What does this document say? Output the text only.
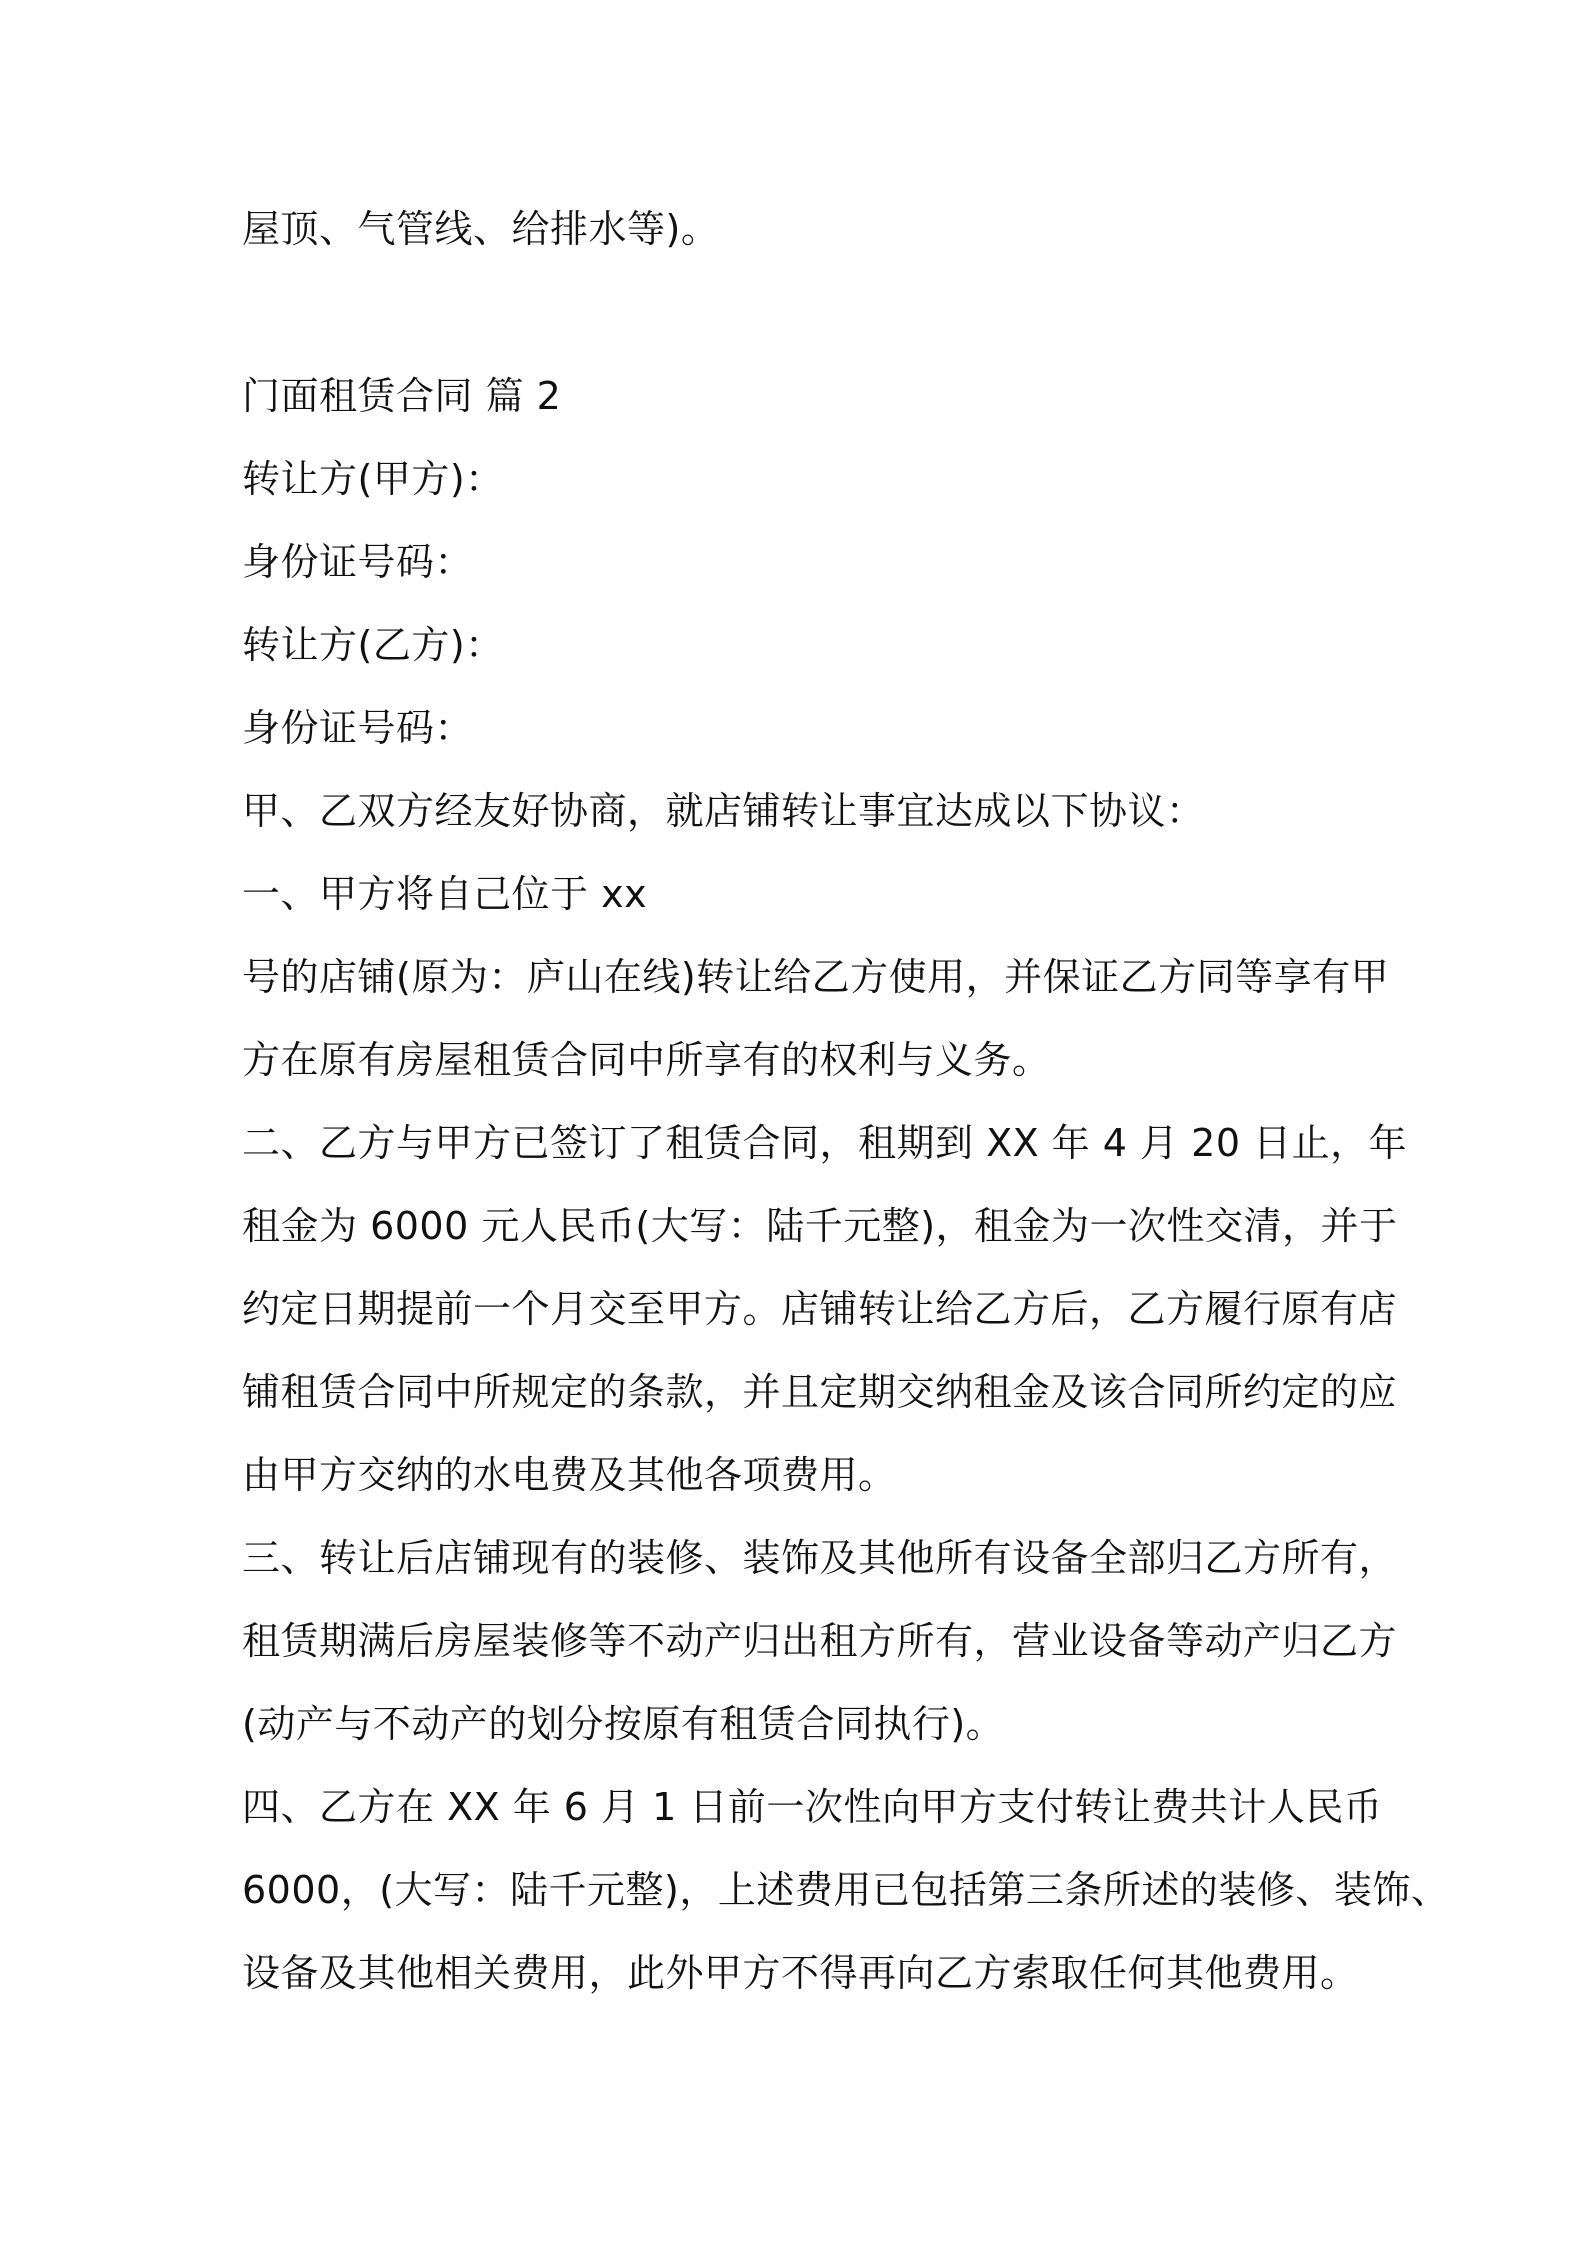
屋顶、气管线、给排水等)。
门面租赁合同 篇 2
转让方(甲方)：
身份证号码：
转让方(乙方)：
身份证号码：
甲、乙双方经友好协商，就店铺转让事宜达成以下协议：
一、甲方将自己位于 xx
号的店铺(原为：庐山在线)转让给乙方使用，并保证乙方同等享有甲
方在原有房屋租赁合同中所享有的权利与义务。
二、乙方与甲方已签订了租赁合同，租期到 XX 年 4 月 20 日止，年
租金为 6000 元人民币(大写：陆千元整)，租金为一次性交清，并于
约定日期提前一个月交至甲方。店铺转让给乙方后，乙方履行原有店
铺租赁合同中所规定的条款，并且定期交纳租金及该合同所约定的应
由甲方交纳的水电费及其他各项费用。
三、转让后店铺现有的装修、装饰及其他所有设备全部归乙方所有，
租赁期满后房屋装修等不动产归出租方所有，营业设备等动产归乙方
(动产与不动产的划分按原有租赁合同执行)。
四、乙方在 XX 年 6 月 1 日前一次性向甲方支付转让费共计人民币
6000，(大写：陆千元整)，上述费用已包括第三条所述的装修、装饰、
设备及其他相关费用，此外甲方不得再向乙方索取任何其他费用。
